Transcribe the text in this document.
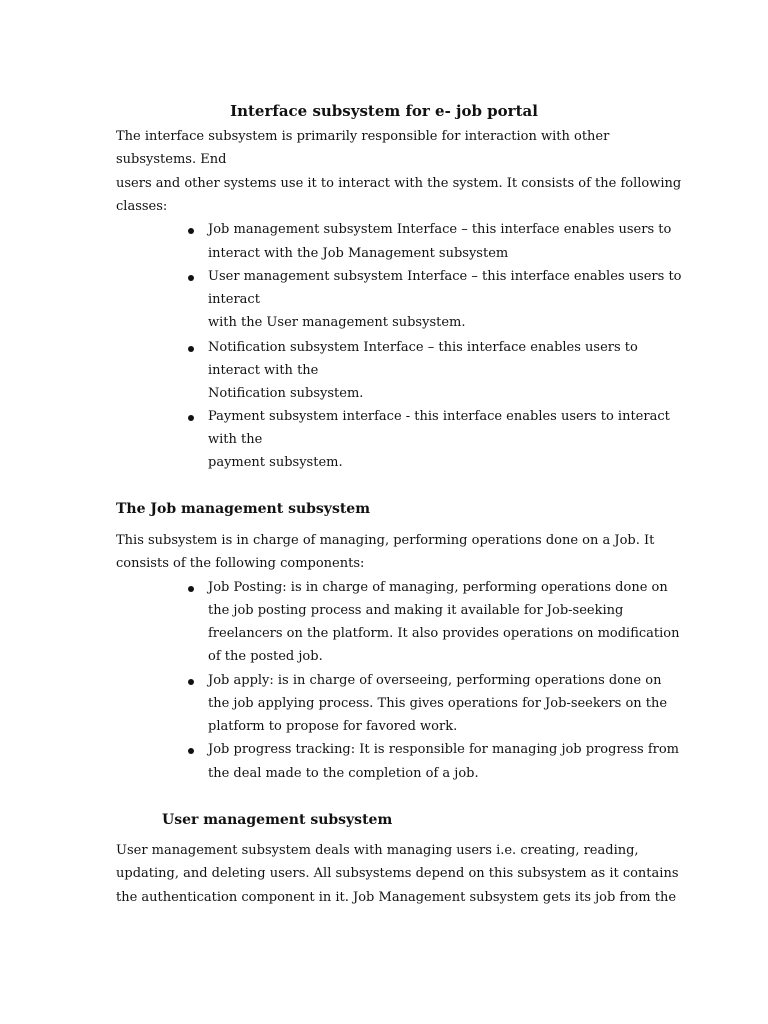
Interface subsystem for e- job portal
The interface subsystem is primarily responsible for interaction with other
subsystems. End
users and other systems use it to interact with the system. It consists of the following
classes:
Job management subsystem Interface – this interface enables users to
interact with the Job Management subsystem
User management subsystem Interface – this interface enables users to
interact
with the User management subsystem.
Notification subsystem Interface – this interface enables users to
interact with the
Notification subsystem.
Payment subsystem interface - this interface enables users to interact
with the
payment subsystem.
The Job management subsystem
This subsystem is in charge of managing, performing operations done on a Job. It
consists of the following components:
Job Posting: is in charge of managing, performing operations done on
the job posting process and making it available for Job-seeking
freelancers on the platform. It also provides operations on modification
of the posted job.
Job apply: is in charge of overseeing, performing operations done on
the job applying process. This gives operations for Job-seekers on the
platform to propose for favored work.
Job progress tracking: It is responsible for managing job progress from
the deal made to the completion of a job.
User management subsystem
User management subsystem deals with managing users i.e. creating, reading,
updating, and deleting users. All subsystems depend on this subsystem as it contains
the authentication component in it. Job Management subsystem gets its job from the
